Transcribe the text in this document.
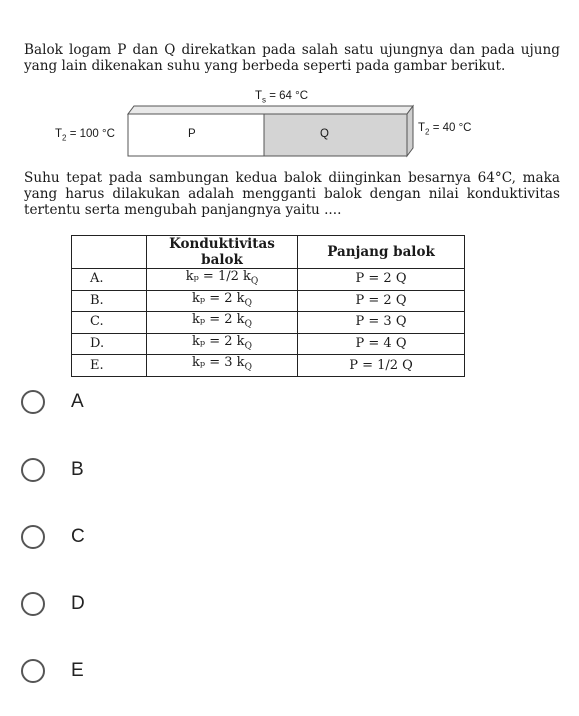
Balok logam P dan Q direkatkan pada salah satu ujungnya dan pada ujung yang lain dikenakan suhu yang berbeda seperti pada gambar berikut.
$T_s = 64$ °C
$T_2 = 100$ °C	P	Q	$T_2 = 40$ °C
Suhu tepat pada sambungan kedua balok diinginkan besarnya 64°C, maka yang harus dilakukan adalah mengganti balok dengan nilai konduktivitas tertentu serta mengubah panjangnya yaitu ....
	Konduktivitas balok	Panjang balok
A.	kₚ = 1/2 $k_Q$	P = 2 Q
B.	kₚ = 2 $k_Q$	P = 2 Q
C.	kₚ = 2 $k_Q$	P = 3 Q
D.	kₚ = 2 $k_Q$	P = 4 Q
E.	kₚ = 3 $k_Q$	P = 1/2 Q
A
B
C
D
E
